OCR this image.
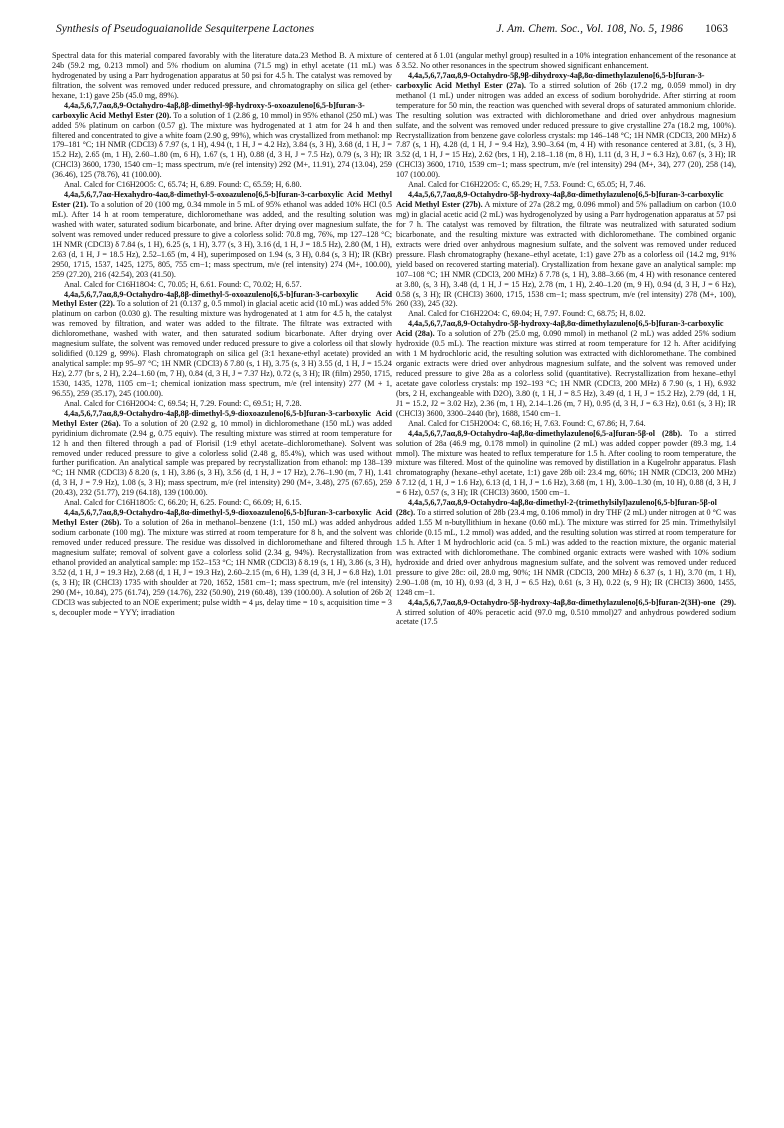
Synthesis of Pseudoguaianolide Sesquiterpene Lactones	J. Am. Chem. Soc., Vol. 108, No. 5, 1986 1063

Spectral data for this material compared favorably with the literature data.23 Method B. A mixture of 24b (59.2 mg, 0.213 mmol) and 5% rhodium on alumina (71.5 mg) in ethyl acetate (11 mL) was hydrogenated by using a Parr hydrogenation apparatus at 50 psi for 4.5 h. The catalyst was removed by filtration, the solvent was removed under reduced pressure, and chromatography on silica gel (ether-hexane, 1:1) gave 25b (45.0 mg, 89%).

4,4a,5,6,7,7aα,8,9-Octahydro-4aβ,8β-dimethyl-9β-hydroxy-5-oxoazuleno[6,5-b]furan-3-carboxylic Acid Methyl Ester (20). To a solution of 1 (2.86 g, 10 mmol) in 95% ethanol (250 mL) was added 5% platinum on carbon (0.57 g). The mixture was hydrogenated at 1 atm for 24 h and then filtered and concentrated to give a white foam (2.90 g, 99%), which was crystallized from methanol: mp 179–181 °C; 1H NMR (CDCl3) δ 7.97 (s, 1 H), 4.94 (t, 1 H, J = 4.2 Hz), 3.84 (s, 3 H), 3.68 (d, 1 H, J = 15.2 Hz), 2.65 (m, 1 H), 2.60–1.80 (m, 6 H), 1.67 (s, 1 H), 0.88 (d, 3 H, J = 7.5 Hz), 0.79 (s, 3 H); IR (CHCl3) 3600, 1730, 1540 cm−1; mass spectrum, m/e (rel intensity) 292 (M+, 11.91), 274 (13.04), 259 (36.46), 125 (78.76), 41 (100.00).

Anal. Calcd for C16H20O5: C, 65.74; H, 6.89. Found: C, 65.59; H, 6.80.

4,4a,5,6,7,7aα-Hexahydro-4aα,8-dimethyl-5-oxoazuleno[6,5-b]furan-3-carboxylic Acid Methyl Ester (21). To a solution of 20 (100 mg, 0.34 mmole in 5 mL of 95% ethanol was added 10% HCl (0.5 mL). After 14 h at room temperature, dichloromethane was added, and the resulting solution was washed with water, saturated sodium bicarbonate, and brine. After drying over magnesium sulfate, the solvent was removed under reduced pressure to give a colorless solid: 70.8 mg, 76%, mp 127–128 °C; 1H NMR (CDCl3) δ 7.84 (s, 1 H), 6.25 (s, 1 H), 3.77 (s, 3 H), 3.16 (d, 1 H, J = 18.5 Hz), 2.80 (M, 1 H), 2.63 (d, 1 H, J = 18.5 Hz), 2.52–1.65 (m, 4 H), superimposed on 1.94 (s, 3 H), 0.84 (s, 3 H); IR (KBr) 2950, 1715, 1537, 1425, 1275, 805, 755 cm−1; mass spectrum, m/e (rel intensity) 274 (M+, 100.00), 259 (27.20), 216 (42.54), 203 (41.50).

Anal. Calcd for C16H18O4: C, 70.05; H, 6.61. Found: C, 70.02; H, 6.57.

4,4a,5,6,7,7aα,8,9-Octahydro-4aβ,8β-dimethyl-5-oxoazuleno[6,5-b]furan-3-carboxylic Acid Methyl Ester (22). To a solution of 21 (0.137 g, 0.5 mmol) in glacial acetic acid (10 mL) was added 5% platinum on carbon (0.030 g). The resulting mixture was hydrogenated at 1 atm for 4.5 h, the catalyst was removed by filtration, and water was added to the filtrate. The filtrate was extracted with dichloromethane, washed with water, and then saturated sodium bicarbonate. After drying over magnesium sulfate, the solvent was removed under reduced pressure to give a colorless oil that slowly solidified (0.129 g, 99%). Flash chromatograph on silica gel (3:1 hexane-ethyl acetate) provided an analytical sample: mp 95–97 °C; 1H NMR (CDCl3) δ 7.80 (s, 1 H), 3.75 (s, 3 H) 3.55 (d, 1 H, J = 15.24 Hz), 2.77 (br s, 2 H), 2.24–1.60 (m, 7 H), 0.84 (d, 3 H, J = 7.37 Hz), 0.72 (s, 3 H); IR (film) 2950, 1715, 1530, 1435, 1278, 1105 cm−1; chemical ionization mass spectrum, m/e (rel intensity) 277 (M + 1, 96.55), 259 (35.17), 245 (100.00).

Anal. Calcd for C16H20O4: C, 69.54; H, 7.29. Found: C, 69.51; H, 7.28.

4,4a,5,6,7,7aα,8,9-Octahydro-4aβ,8β-dimethyl-5,9-dioxoazuleno[6,5-b]furan-3-carboxylic Acid Methyl Ester (26a). To a solution of 20 (2.92 g, 10 mmol) in dichloromethane (150 mL) was added pyridinium dichromate (2.94 g, 0.75 equiv). The resulting mixture was stirred at room temperature for 12 h and then filtered through a pad of Florisil (1:9 ethyl acetate–dichloromethane). Solvent was removed under reduced pressure to give a colorless solid (2.48 g, 85.4%), which was used without further purification. An analytical sample was prepared by recrystallization from ethanol: mp 138–139 °C; 1H NMR (CDCl3) δ 8.20 (s, 1 H), 3.86 (s, 3 H), 3.56 (d, 1 H, J = 17 Hz), 2.76–1.90 (m, 7 H), 1.41 (d, 3 H, J = 7.9 Hz), 1.08 (s, 3 H); mass spectrum, m/e (rel intensity) 290 (M+, 3.48), 275 (67.65), 259 (20.43), 232 (51.77), 219 (64.18), 139 (100.00).

Anal. Calcd for C16H18O5: C, 66.20; H, 6.25. Found: C, 66.09; H, 6.15.

4,4a,5,6,7,7aα,8,9-Octahydro-4aβ,8α-dimethyl-5,9-dioxoazuleno[6,5-b]furan-3-carboxylic Acid Methyl Ester (26b). To a solution of 26a in methanol–benzene (1:1, 150 mL) was added anhydrous sodium carbonate (100 mg). The mixture was stirred at room temperature for 8 h, and the solvent was removed under reduced pressure. The residue was dissolved in dichloromethane and filtered through magnesium sulfate; removal of solvent gave a colorless solid (2.34 g, 94%). Recrystallization from ethanol provided an analytical sample: mp 152–153 °C; 1H NMR (CDCl3) δ 8.19 (s, 1 H), 3.86 (s, 3 H), 3.52 (d, 1 H, J = 19.3 Hz), 2.68 (d, 1 H, J = 19.3 Hz), 2.60–2.15 (m, 6 H), 1.39 (d, 3 H, J = 6.8 Hz), 1.01 (s, 3 H); IR (CHCl3) 1735 with shoulder at 720, 1652, 1581 cm−1; mass spectrum, m/e (rel intensity) 290 (M+, 10.84), 275 (61.74), 259 (14.76), 232 (50.90), 219 (60.48), 139 (100.00). A solution of 26b 2( CDCl3 was subjected to an NOE experiment; pulse width = 4 μs, delay time = 10 s, acquisition time = 3 s, decoupler mode = YYY; irradiation

centered at δ 1.01 (angular methyl group) resulted in a 10% integration enhancement of the resonance at δ 3.52. No other resonances in the spectrum showed significant enhancement.

4,4a,5,6,7,7aα,8,9-Octahydro-5β,9β-dihydroxy-4aβ,8α-dimethylazuleno[6,5-b]furan-3-carboxylic Acid Methyl Ester (27a). To a stirred solution of 26b (17.2 mg, 0.059 mmol) in dry methanol (1 mL) under nitrogen was added an excess of sodium borohydride. After stirring at room temperature for 50 min, the reaction was quenched with several drops of saturated ammonium chloride. The resulting solution was extracted with dichloromethane and dried over anhydrous magnesium sulfate, and the solvent was removed under reduced pressure to give crystalline 27a (18.2 mg, 100%). Recrystallization from benzene gave colorless crystals: mp 146–148 °C; 1H NMR (CDCl3, 200 MHz) δ 7.87 (s, 1 H), 4.28 (d, 1 H, J = 9.4 Hz), 3.90–3.64 (m, 4 H) with resonance centered at 3.81, (s, 3 H), 3.52 (d, 1 H, J = 15 Hz), 2.62 (brs, 1 H), 2.18–1.18 (m, 8 H), 1.11 (d, 3 H, J = 6.3 Hz), 0.67 (s, 3 H); IR (CHCl3) 3600, 1710, 1539 cm−1; mass spectrum, m/e (rel intensity) 294 (M+, 34), 277 (20), 258 (14), 107 (100.00).

Anal. Calcd for C16H22O5: C, 65.29; H, 7.53. Found: C, 65.05; H, 7.46.

4,4a,5,6,7,7aα,8,9-Octahydro-5β-hydroxy-4aβ,8α-dimethylazuleno[6,5-b]furan-3-carboxylic Acid Methyl Ester (27b). A mixture of 27a (28.2 mg, 0.096 mmol) and 5% palladium on carbon (10.0 mg) in glacial acetic acid (2 mL) was hydrogenolyzed by using a Parr hydrogenation apparatus at 57 psi for 7 h. The catalyst was removed by filtration, the filtrate was neutralized with saturated sodium bicarbonate, and the resulting mixture was extracted with dichloromethane. The combined organic extracts were dried over anhydrous magnesium sulfate, and the solvent was removed under reduced pressure. Flash chromatography (hexane–ethyl acetate, 1:1) gave 27b as a colorless oil (14.2 mg, 91% yield based on recovered starting material). Crystallization from hexane gave an analytical sample: mp 107–108 °C; 1H NMR (CDCl3, 200 MHz) δ 7.78 (s, 1 H), 3.88–3.66 (m, 4 H) with resonance centered at 3.80, (s, 3 H), 3.48 (d, 1 H, J = 15 Hz), 2.78 (m, 1 H), 2.40–1.20 (m, 9 H), 0.94 (d, 3 H, J = 6 Hz), 0.58 (s, 3 H); IR (CHCl3) 3600, 1715, 1538 cm−1; mass spectrum, m/e (rel intensity) 278 (M+, 100), 260 (33), 245 (32).

Anal. Calcd for C16H22O4: C, 69.04; H, 7.97. Found: C, 68.75; H, 8.02.

4,4a,5,6,7,7aα,8,9-Octahydro-5β-hydroxy-4aβ,8α-dimethylazuleno[6,5-b]furan-3-carboxylic Acid (28a). To a solution of 27b (25.0 mg, 0.090 mmol) in methanol (2 mL) was added 25% sodium hydroxide (0.5 mL). The reaction mixture was stirred at room temperature for 12 h. After acidifying with 1 M hydrochloric acid, the resulting solution was extracted with dichloromethane. The combined organic extracts were dried over anhydrous magnesium sulfate, and the solvent was removed under reduced pressure to give 28a as a colorless solid (quantitative). Recrystallization from hexane–ethyl acetate gave colorless crystals: mp 192–193 °C; 1H NMR (CDCl3, 200 MHz) δ 7.90 (s, 1 H), 6.932 (brs, 2 H, exchangeable with D2O), 3.80 (t, 1 H, J = 8.5 Hz), 3.49 (d, 1 H, J = 15.2 Hz), 2.79 (dd, 1 H, J1 = 15.2, J2 = 3.02 Hz), 2.36 (m, 1 H), 2.14–1.26 (m, 7 H), 0.95 (d, 3 H, J = 6.3 Hz), 0.61 (s, 3 H); IR (CHCl3) 3600, 3300–2440 (br), 1688, 1540 cm−1.

Anal. Calcd for C15H20O4: C, 68.16; H, 7.63. Found: C, 67.86; H, 7.64.

4,4a,5,6,7,7aα,8,9-Octahydro-4aβ,8α-dimethylazuleno[6,5-a]furan-5β-ol (28b). To a stirred solution of 28a (46.9 mg, 0.178 mmol) in quinoline (2 mL) was added copper powder (89.3 mg, 1.4 mmol). The mixture was heated to reflux temperature for 1.5 h. After cooling to room temperature, the mixture was filtered. Most of the quinoline was removed by distillation in a Kugelrohr apparatus. Flash chromatography (hexane–ethyl acetate, 1:1) gave 28b oil: 23.4 mg, 60%; 1H NMR (CDCl3, 200 MHz) δ 7.12 (d, 1 H, J = 1.6 Hz), 6.13 (d, 1 H, J = 1.6 Hz), 3.68 (m, 1 H), 3.00–1.30 (m, 10 H), 0.88 (d, 3 H, J = 6 Hz), 0.57 (s, 3 H); IR (CHCl3) 3600, 1500 cm−1.

4,4a,5,6,7,7aα,8,9-Octahydro-4aβ,8α-dimethyl-2-(trimethylsilyl)azuleno[6,5-b]furan-5β-ol (28c). To a stirred solution of 28b (23.4 mg, 0.106 mmol) in dry THF (2 mL) under nitrogen at 0 °C was added 1.55 M n-butyllithium in hexane (0.60 mL). The mixture was stirred for 25 min. Trimethylsilyl chloride (0.15 mL, 1.2 mmol) was added, and the resulting solution was stirred at room temperature for 1.5 h. After 1 M hydrochloric acid (ca. 5 mL) was added to the reaction mixture, the organic material was extracted with dichloromethane. The combined organic extracts were washed with 10% sodium hydroxide and dried over anhydrous magnesium sulfate, and the solvent was removed under reduced pressure to give 28c: oil, 28.0 mg, 90%; 1H NMR (CDCl3, 200 MHz) δ 6.37 (s, 1 H), 3.70 (m, 1 H), 2.90–1.08 (m, 10 H), 0.93 (d, 3 H, J = 6.5 Hz), 0.61 (s, 3 H), 0.22 (s, 9 H); IR (CHCl3) 3600, 1455, 1248 cm−1.

4,4a,5,6,7,7aα,8,9-Octahydro-5β-hydroxy-4aβ,8α-dimethylazuleno[6,5-b]furan-2(3H)-one (29). A stirred solution of 40% peracetic acid (97.0 mg, 0.510 mmol)27 and anhydrous powdered sodium acetate (17.5
